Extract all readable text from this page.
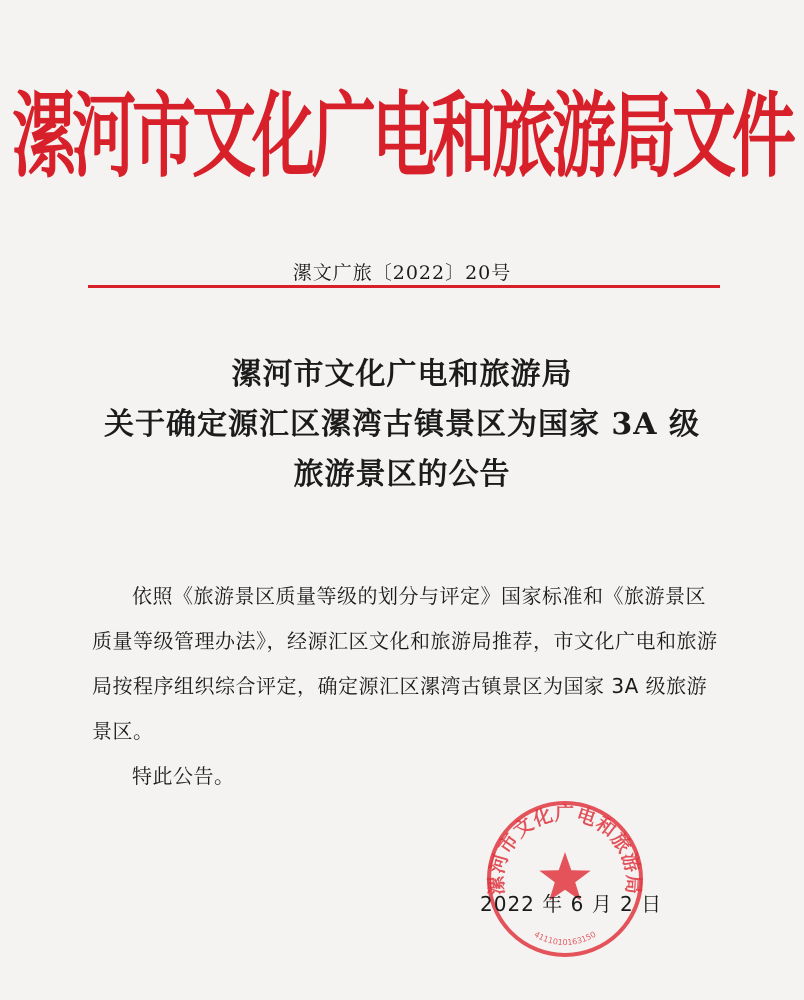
漯河市文化广电和旅游局文件
漯文广旅〔2022〕20号
漯河市文化广电和旅游局
关于确定源汇区漯湾古镇景区为国家 3A 级
旅游景区的公告

依照《旅游景区质量等级的划分与评定》国家标准和《旅游景区质量等级管理办法》，经源汇区文化和旅游局推荐，市文化广电和旅游局按程序组织综合评定，确定源汇区漯湾古镇景区为国家 3A 级旅游景区。

特此公告。

漯河市文化广电和旅游局
4111010163150
2022 年 6 月 2 日
